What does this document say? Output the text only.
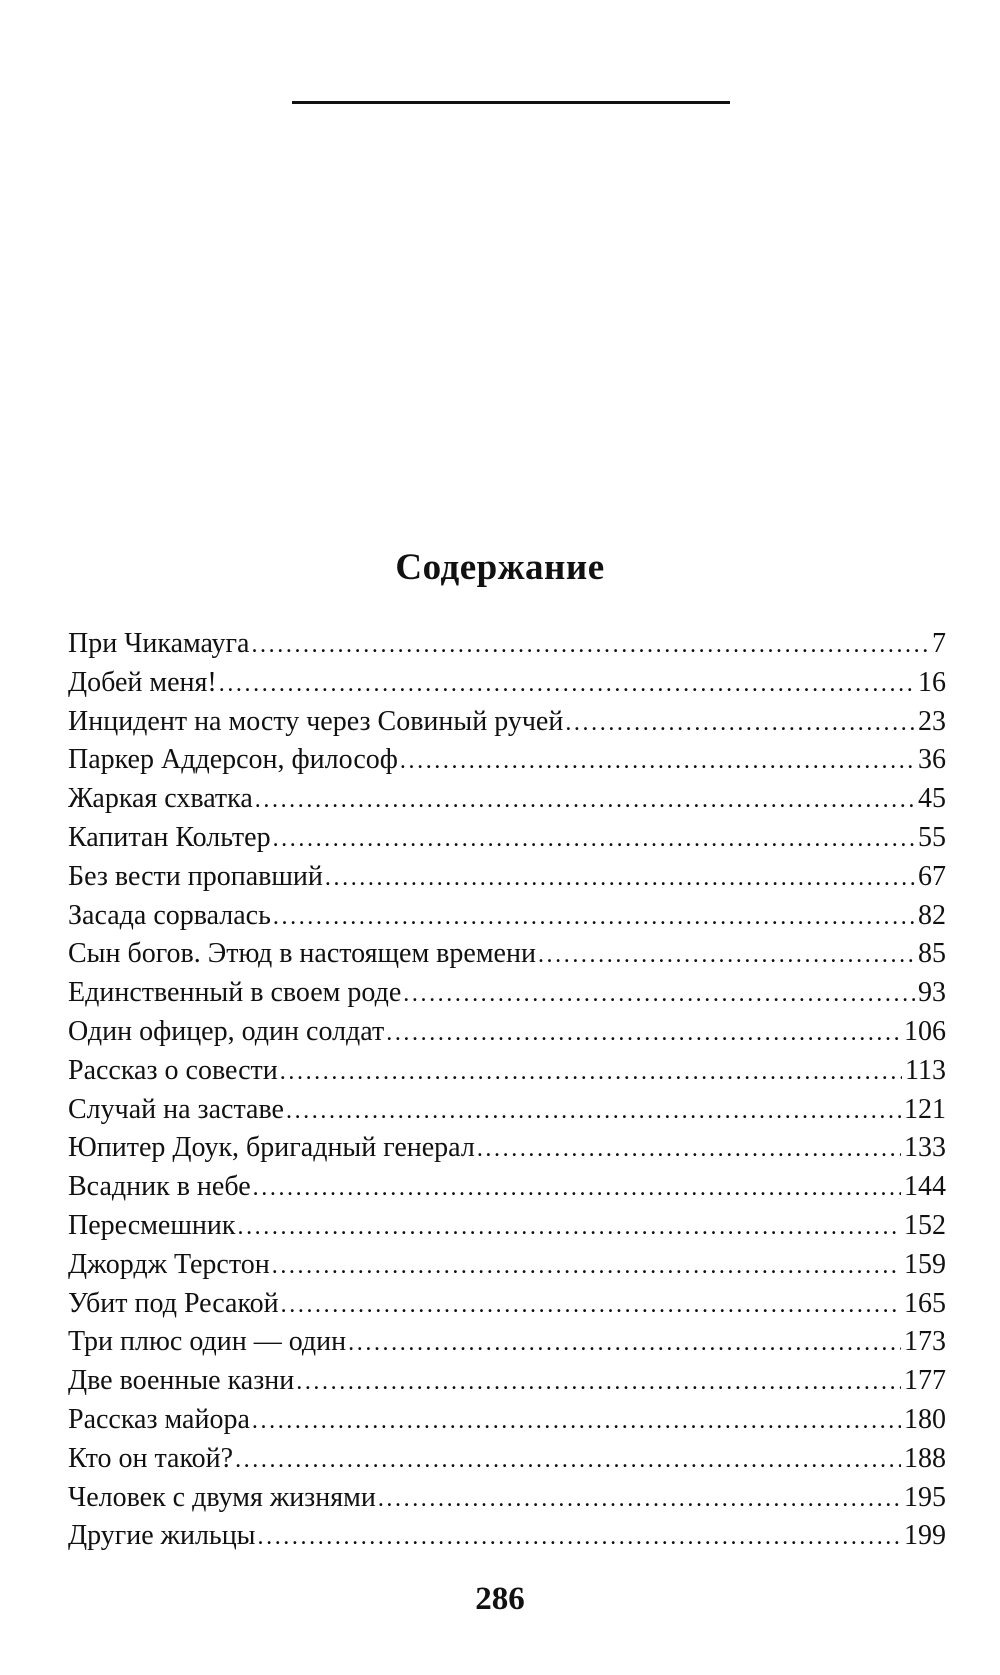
Содержание
При Чикамауга .....	7
Добей меня! .....	16
Инцидент на мосту через Совиный ручей .....	23
Паркер Аддерсон, философ .....	36
Жаркая схватка .....	45
Капитан Кольтер .....	55
Без вести пропавший .....	67
Засада сорвалась .....	82
Сын богов. Этюд в настоящем времени .....	85
Единственный в своем роде .....	93
Один офицер, один солдат .....	106
Рассказ о совести .....	113
Случай на заставе .....	121
Юпитер Доук, бригадный генерал .....	133
Всадник в небе .....	144
Пересмешник .....	152
Джордж Терстон .....	159
Убит под Ресакой .....	165
Три плюс один — один .....	173
Две военные казни .....	177
Рассказ майора .....	180
Кто он такой? .....	188
Человек с двумя жизнями .....	195
Другие жильцы .....	199
286
